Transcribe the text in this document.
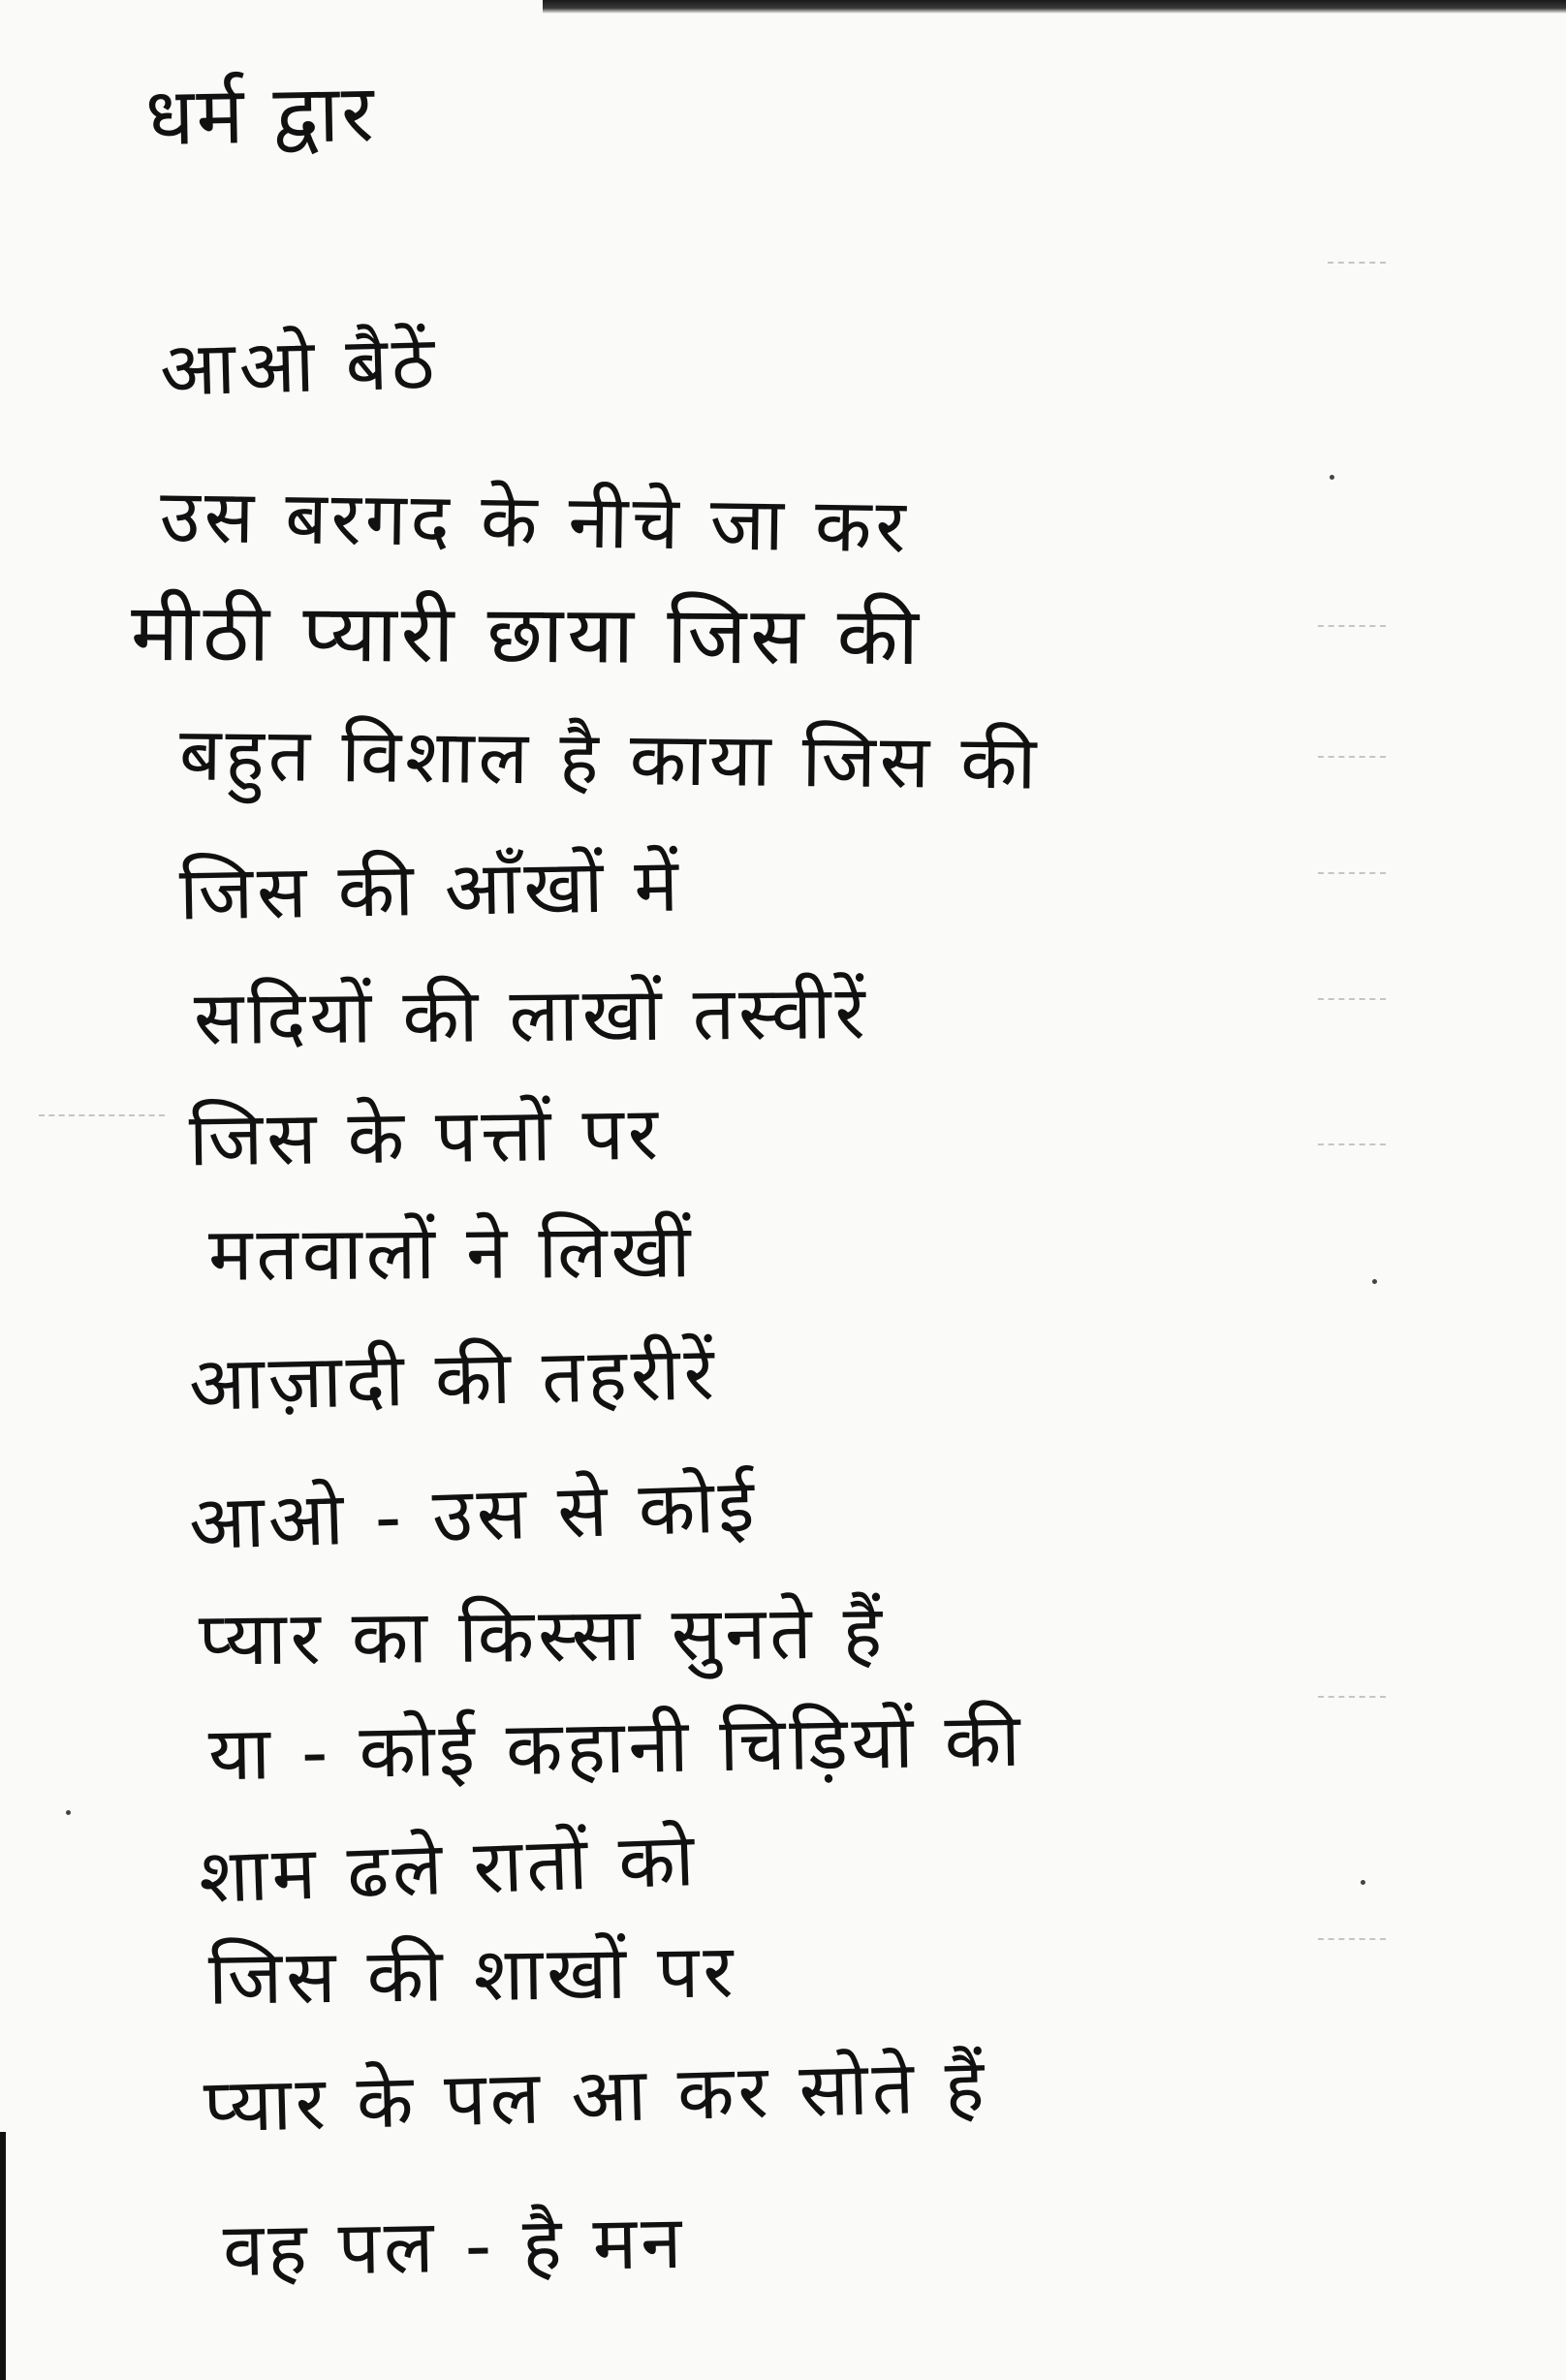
धर्म द्वार
आओ बैठें
उस बरगद के नीचे जा कर
मीठी प्यारी छाया जिस की
बहुत विशाल है काया जिस की
जिस की आँखों में
सदियों की लाखों तस्वीरें
जिस के पत्तों पर
मतवालों ने लिखीं
आज़ादी की तहरीरें
आओ - उस से कोई
प्यार का किस्सा सुनते हैं
या - कोई कहानी चिड़ियों की
शाम ढले रातों को
जिस की शाखों पर
प्यार के पल आ कर सोते हैं
वह पल - है मन
